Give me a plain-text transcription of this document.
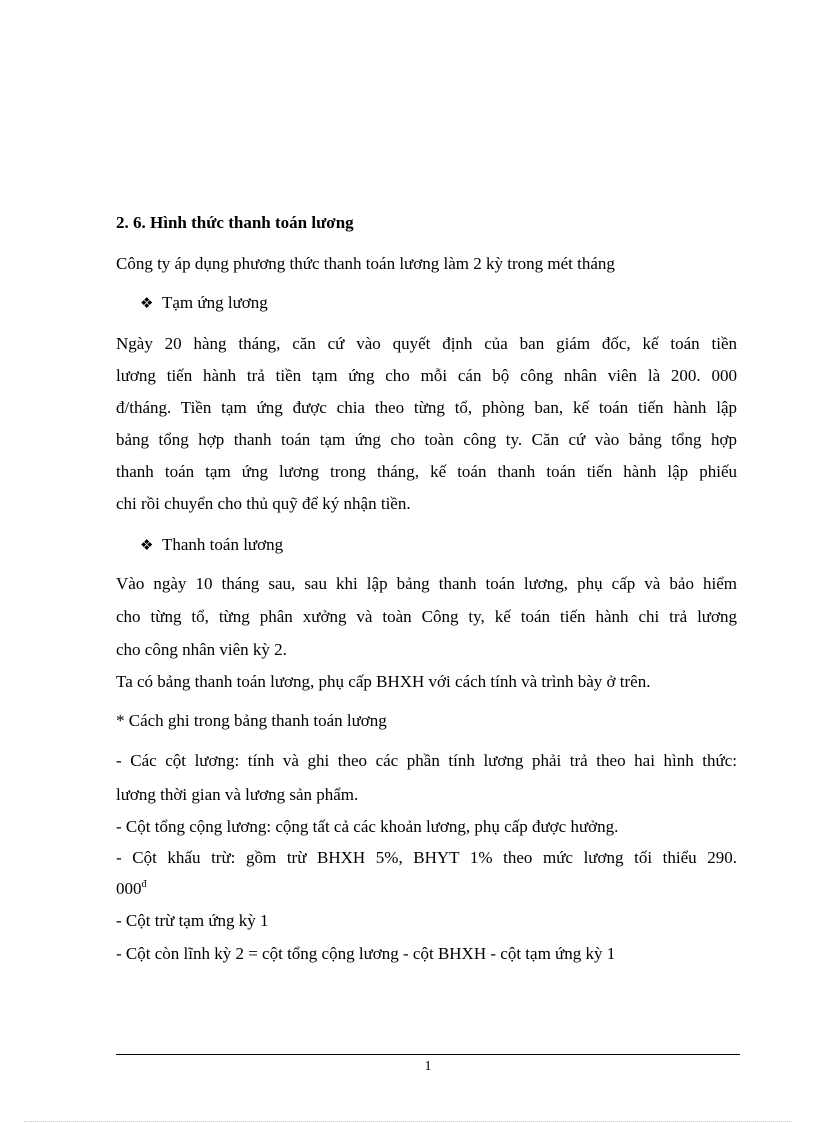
2. 6. Hình thức thanh toán lương
Công ty áp dụng phương thức thanh toán lương làm 2 kỳ trong mét tháng
❖ Tạm ứng lương
Ngày 20 hàng tháng, căn cứ vào quyết định của ban giám đốc, kế toán tiền
lương tiến hành trả tiền tạm ứng cho mỗi cán bộ công nhân viên là 200. 000
đ/tháng. Tiền tạm ứng được chia theo từng tổ, phòng ban, kế toán tiến hành lập
bảng tổng hợp thanh toán tạm ứng cho toàn công ty. Căn cứ vào bảng tổng hợp
thanh toán tạm ứng lương trong tháng, kế toán thanh toán tiến hành lập phiếu
chi rồi chuyển cho thủ quỹ để ký nhận tiền.
❖ Thanh toán lương
Vào ngày 10 tháng sau, sau khi lập bảng thanh toán lương, phụ cấp và bảo hiểm
cho từng tổ, từng phân xưởng và toàn Công ty, kế toán tiến hành chi trả lương
cho công nhân viên kỳ 2.
Ta có bảng thanh toán lương, phụ cấp BHXH với cách tính và trình bày ở trên.
* Cách ghi trong bảng thanh toán lương
- Các cột lương: tính và ghi theo các phần tính lương phải trả theo hai hình thức:
lương thời gian và lương sản phẩm.
- Cột tổng cộng lương: cộng tất cả các khoản lương, phụ cấp được hưởng.
- Cột khấu trừ: gồm trừ BHXH 5%, BHYT 1% theo mức lương tối thiểu 290.
$000^đ$
- Cột trừ tạm ứng kỳ 1
- Cột còn lĩnh kỳ 2 = cột tổng cộng lương - cột BHXH - cột tạm ứng kỳ 1
1
